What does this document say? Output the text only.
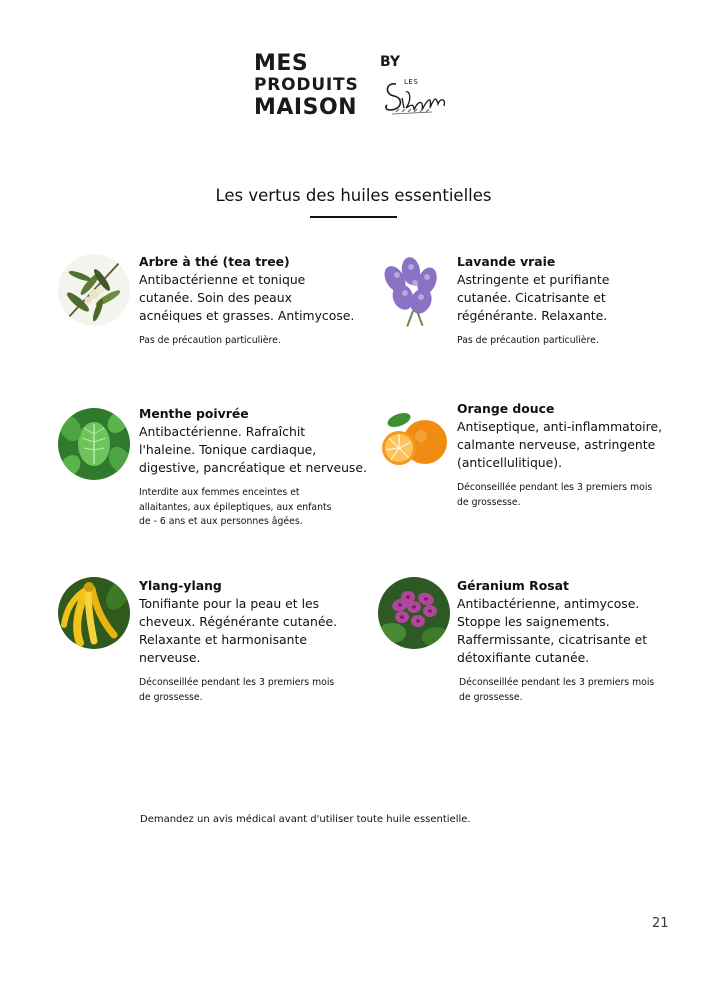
MES
PRODUITS
MAISON
BY
LES
Les vertus des huiles essentielles
Arbre à thé (tea tree)
Antibactérienne et tonique
cutanée. Soin des peaux
acnéiques et grasses. Antimycose.
Pas de précaution particulière.
Lavande vraie
Astringente et purifiante
cutanée. Cicatrisante et
régénérante. Relaxante.
Pas de précaution particulière.
Menthe poivrée
Antibactérienne. Rafraîchit
l'haleine. Tonique cardiaque,
digestive, pancréatique et nerveuse.
Interdite aux femmes enceintes et
allaitantes, aux épileptiques, aux enfants
de - 6 ans et aux personnes âgées.
Orange douce
Antiseptique, anti-inflammatoire,
calmante nerveuse, astringente
(anticellulitique).
Déconseillée pendant les 3 premiers mois
de grossesse.
Ylang-ylang
Tonifiante pour la peau et les
cheveux. Régénérante cutanée.
Relaxante et harmonisante
nerveuse.
Déconseillée pendant les 3 premiers mois
de grossesse.
Géranium Rosat
Antibactérienne, antimycose.
Stoppe les saignements.
Raffermissante, cicatrisante et
détoxifiante cutanée.
Déconseillée pendant les 3 premiers mois
de grossesse.
Demandez un avis médical avant d'utiliser toute huile essentielle.
21
